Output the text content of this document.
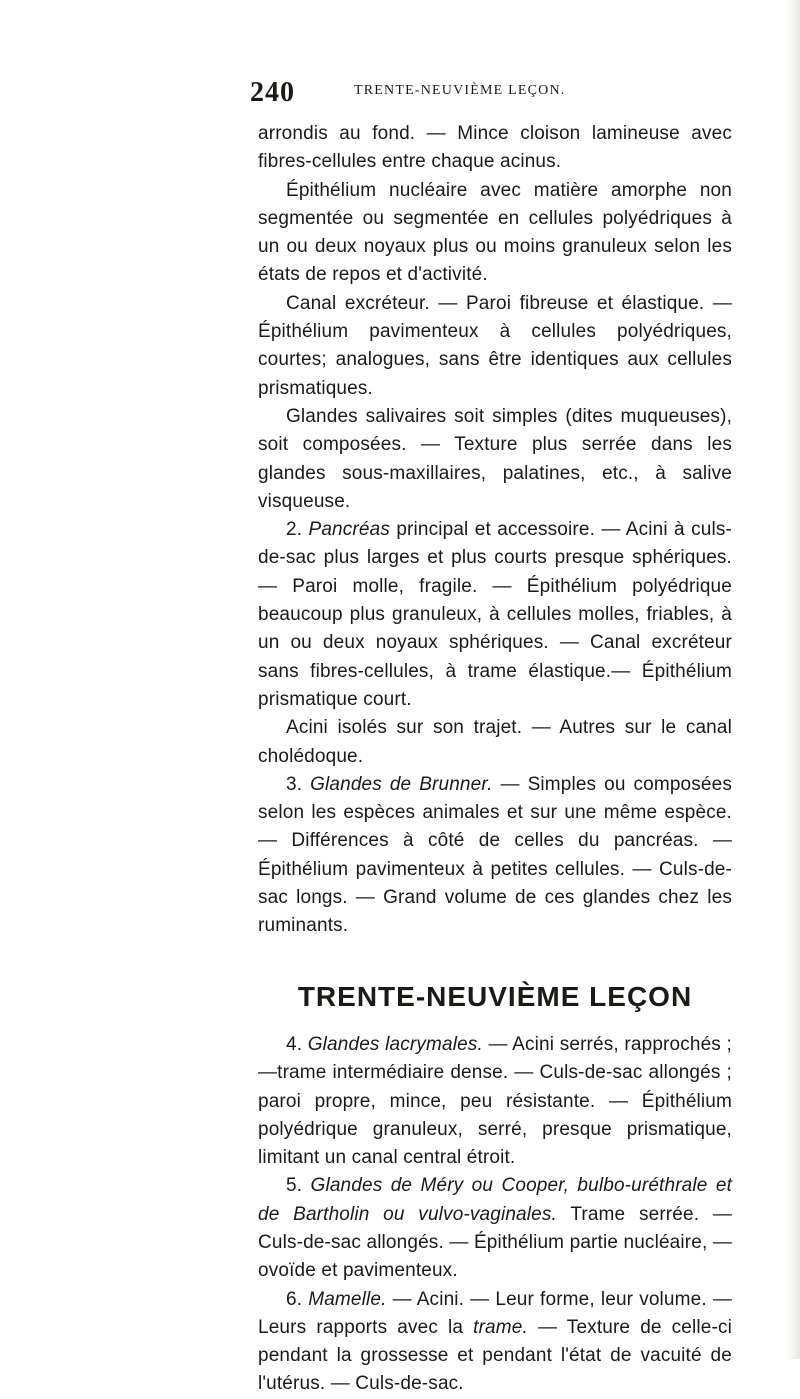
240	TRENTE-NEUVIÈME LEÇON.

arrondis au fond. — Mince cloison lamineuse avec fibres-cellules entre chaque acinus.

Épithélium nucléaire avec matière amorphe non segmentée ou segmentée en cellules polyédriques à un ou deux noyaux plus ou moins granuleux selon les états de repos et d'activité.

Canal excréteur. — Paroi fibreuse et élastique. — Épithélium pavimenteux à cellules polyédriques, courtes; analogues, sans être identiques aux cellules prismatiques.

Glandes salivaires soit simples (dites muqueuses), soit composées. — Texture plus serrée dans les glandes sous-maxillaires, palatines, etc., à salive visqueuse.

2. Pancréas principal et accessoire. — Acini à culs-de-sac plus larges et plus courts presque sphériques. — Paroi molle, fragile. — Épithélium polyédrique beaucoup plus granuleux, à cellules molles, friables, à un ou deux noyaux sphériques. — Canal excréteur sans fibres-cellules, à trame élastique.— Épithélium prismatique court.

Acini isolés sur son trajet. — Autres sur le canal cholédoque.

3. Glandes de Brunner. — Simples ou composées selon les espèces animales et sur une même espèce. — Différences à côté de celles du pancréas. — Épithélium pavimenteux à petites cellules. — Culs-de-sac longs. — Grand volume de ces glandes chez les ruminants.

TRENTE-NEUVIÈME LEÇON

4. Glandes lacrymales. — Acini serrés, rapprochés ;—trame intermédiaire dense. — Culs-de-sac allongés ; paroi propre, mince, peu résistante. — Épithélium polyédrique granuleux, serré, presque prismatique, limitant un canal central étroit.

5. Glandes de Méry ou Cooper, bulbo-uréthrale et de Bartholin ou vulvo-vaginales. Trame serrée. — Culs-de-sac allongés. — Épithélium partie nucléaire, — ovoïde et pavimenteux.

6. Mamelle. — Acini. — Leur forme, leur volume. — Leurs rapports avec la trame. — Texture de celle-ci pendant la grossesse et pendant l'état de vacuité de l'utérus. — Culs-de-sac.
